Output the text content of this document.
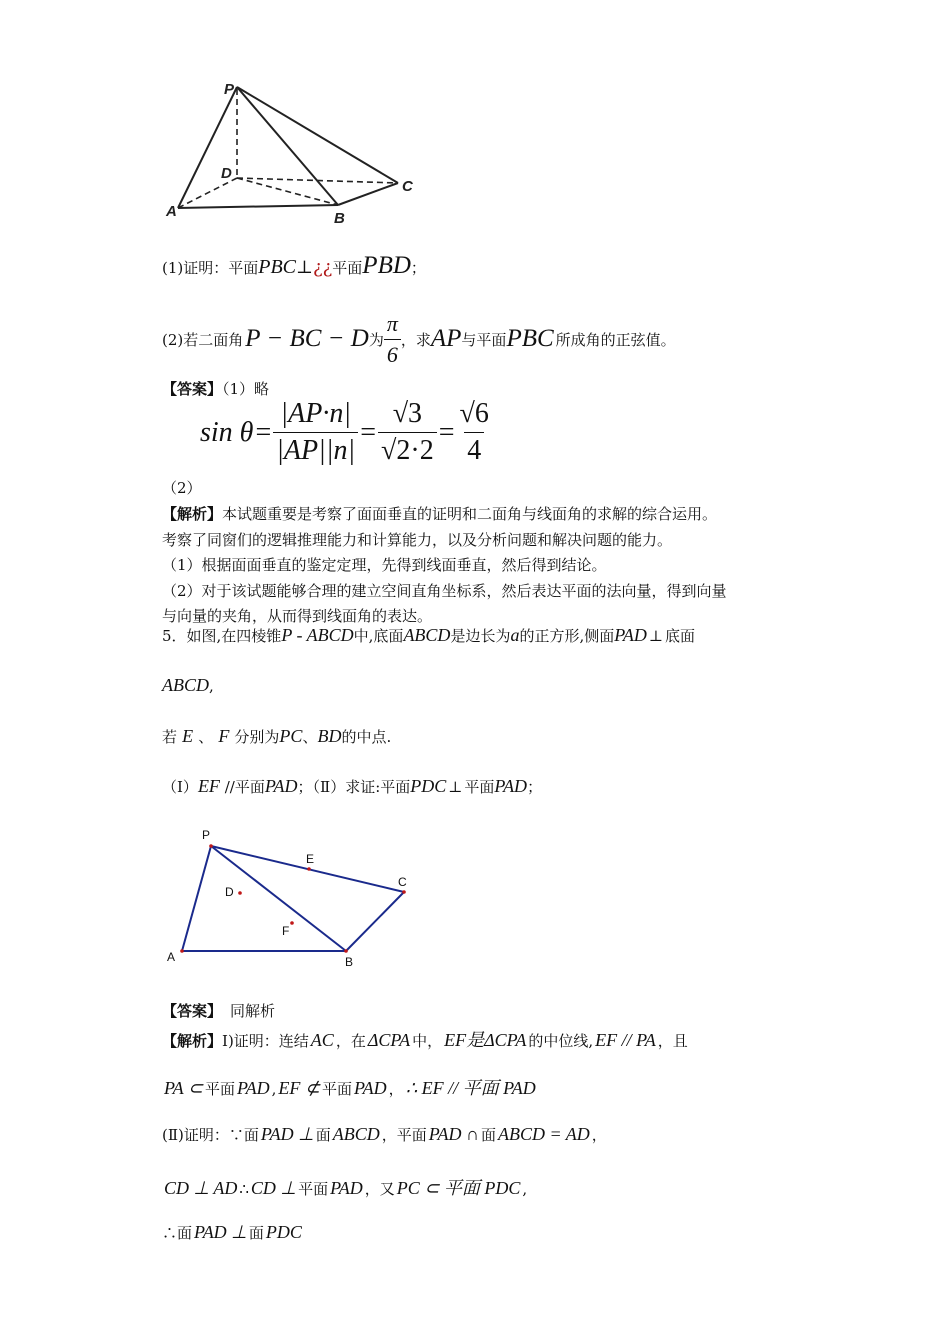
P
D
C
A	B
(1)证明：平面PBC⊥¿¿平面PBD；
(2)若二面角 P − BC − D 为 $\frac{\pi}{6}$ ，求 AP 与平面 PBC 所成角的正弦值。
【答案】（1）略
（2）
$\sin \theta = \frac{|AP\cdot n|}{|AP||n|} = \frac{√3}{√2\cdot 2} = \frac{√6}{4}$
【解析】本试题重要是考察了面面垂直的证明和二面角与线面角的求解的综合运用。
考察了同窗们的逻辑推理能力和计算能力，以及分析问题和解决问题的能力。
（1）根据面面垂直的鉴定定理，先得到线面垂直，然后得到结论。
（2）对于该试题能够合理的建立空间直角坐标系，然后表达平面的法向量，得到向量
与向量的夹角，从而得到线面角的表达。
5．如图,在四棱锥P - ABCD中,底面ABCD是边长为a的正方形,侧面PAD ⊥ 底面
ABCD,
若 E 、 F 分别为PC、BD的中点.
（Ⅰ）EF //平面PAD；（Ⅱ）求证:平面PDC ⊥ 平面PAD；
P
E
C
D
F
A	B
【答案】 同解析
【解析】Ⅰ)证明：连结 AC ，在 ΔCPA 中， EF是ΔCPA 的中位线, EF // PA ，且
PA ⊂ 平面 PAD , EF ⊄ 平面 PAD ， ∴ EF // 平面 PAD
(Ⅱ)证明：∵面 PAD ⊥ 面 ABCD ，平面 PAD ∩ 面 ABCD = AD ，
CD ⊥ AD ∴ CD ⊥ 平面 PAD ，又 PC ⊂ 平面 PDC ,
∴面 PAD ⊥ 面 PDC
